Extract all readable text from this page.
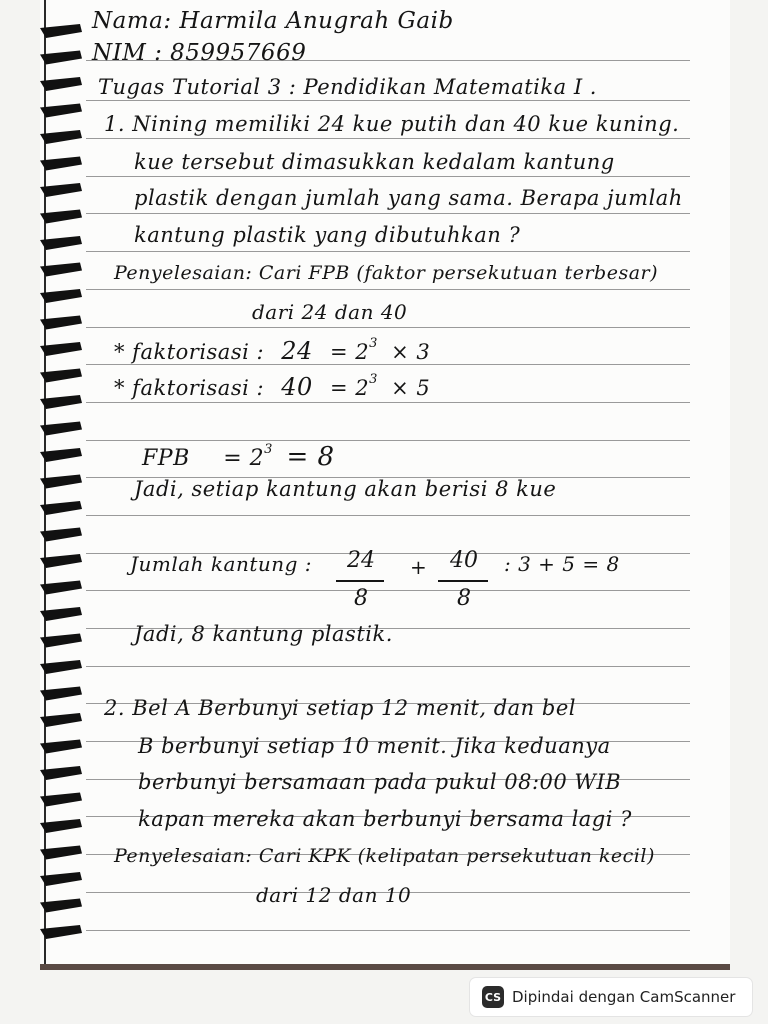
Nama: Harmila Anugrah Gaib
NIM : 859957669
Tugas Tutorial 3 : Pendidikan Matematika I .
1. Nining memiliki 24 kue putih dan 40 kue kuning.
kue tersebut dimasukkan kedalam kantung
plastik dengan jumlah yang sama. Berapa jumlah
kantung plastik yang dibutuhkan ?
Penyelesaian: Cari FPB (faktor persekutuan terbesar)
dari 24 dan 40
* faktorisasi : $24 = 2^3 \times 3$
* faktorisasi : $40 = 2^3 \times 5$
FPB = $2^3 = 8$
Jadi, setiap kantung akan berisi 8 kue
Jumlah kantung :	24
8
+	40
8
: 3 + 5 = 8
Jadi, 8 kantung plastik.
2. Bel A Berbunyi setiap 12 menit, dan bel
B berbunyi setiap 10 menit. Jika keduanya
berbunyi bersamaan pada pukul 08:00 WIB
kapan mereka akan berbunyi bersama lagi ?
Penyelesaian: Cari KPK (kelipatan persekutuan kecil)
dari 12 dan 10
CS Dipindai dengan CamScanner
